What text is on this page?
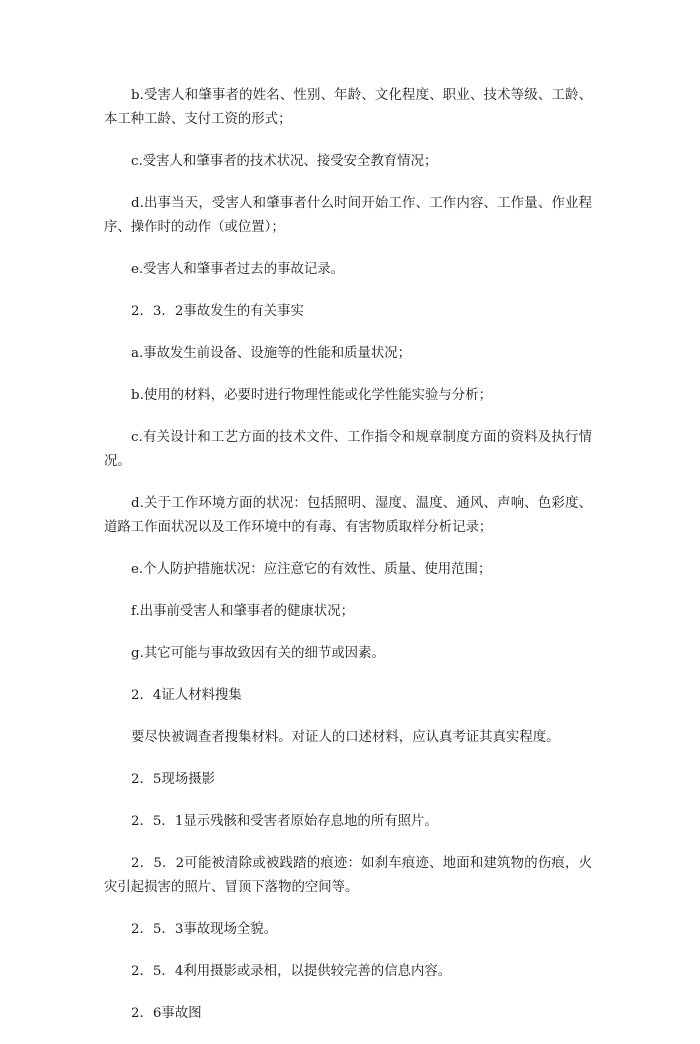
b.受害人和肇事者的姓名、性别、年龄、文化程度、职业、技术等级、工龄、本工种工龄、支付工资的形式；

c.受害人和肇事者的技术状况、接受安全教育情况；

d.出事当天，受害人和肇事者什么时间开始工作、工作内容、工作量、作业程序、操作时的动作（或位置）；

e.受害人和肇事者过去的事故记录。

2．3．2事故发生的有关事实

a.事故发生前设备、设施等的性能和质量状况；

b.使用的材料，必要时进行物理性能或化学性能实验与分析；

c.有关设计和工艺方面的技术文件、工作指令和规章制度方面的资料及执行情况。

d.关于工作环境方面的状况：包括照明、湿度、温度、通风、声响、色彩度、道路工作面状况以及工作环境中的有毒、有害物质取样分析记录；

e.个人防护措施状况：应注意它的有效性、质量、使用范围；

f.出事前受害人和肇事者的健康状况；

g.其它可能与事故致因有关的细节或因素。

2．4证人材料搜集

要尽快被调查者搜集材料。对证人的口述材料，应认真考证其真实程度。

2．5现场摄影

2．5．1显示残骸和受害者原始存息地的所有照片。

2．5．2可能被清除或被践踏的痕迹：如刹车痕迹、地面和建筑物的伤痕，火灾引起损害的照片、冒顶下落物的空间等。

2．5．3事故现场全貌。

2．5．4利用摄影或录相，以提供较完善的信息内容。

2．6事故图
